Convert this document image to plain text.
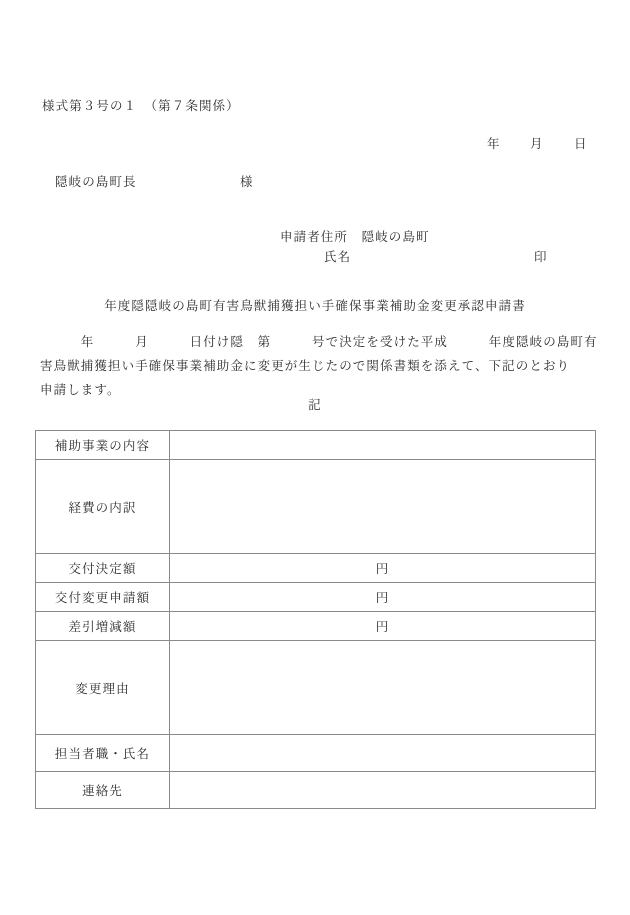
様式第３号の１　（第７条関係）
年 月 日
隠岐の島町長	様
申請者住所　隠岐の島町
氏名	印
年度隠隠岐の島町有害鳥獣捕獲担い手確保事業補助金変更承認申請書
　　　年　　　月　　　日付け隠　第　　　号で決定を受けた平成　　　年度隠岐の島町有
害鳥獣捕獲担い手確保事業補助金に変更が生じたので関係書類を添えて、下記のとおり
申請します。
記
補助事業の内容	
経費の内訳	
交付決定額	円
交付変更申請額	円
差引増減額	円
変更理由	
担当者職・氏名	
連絡先	
